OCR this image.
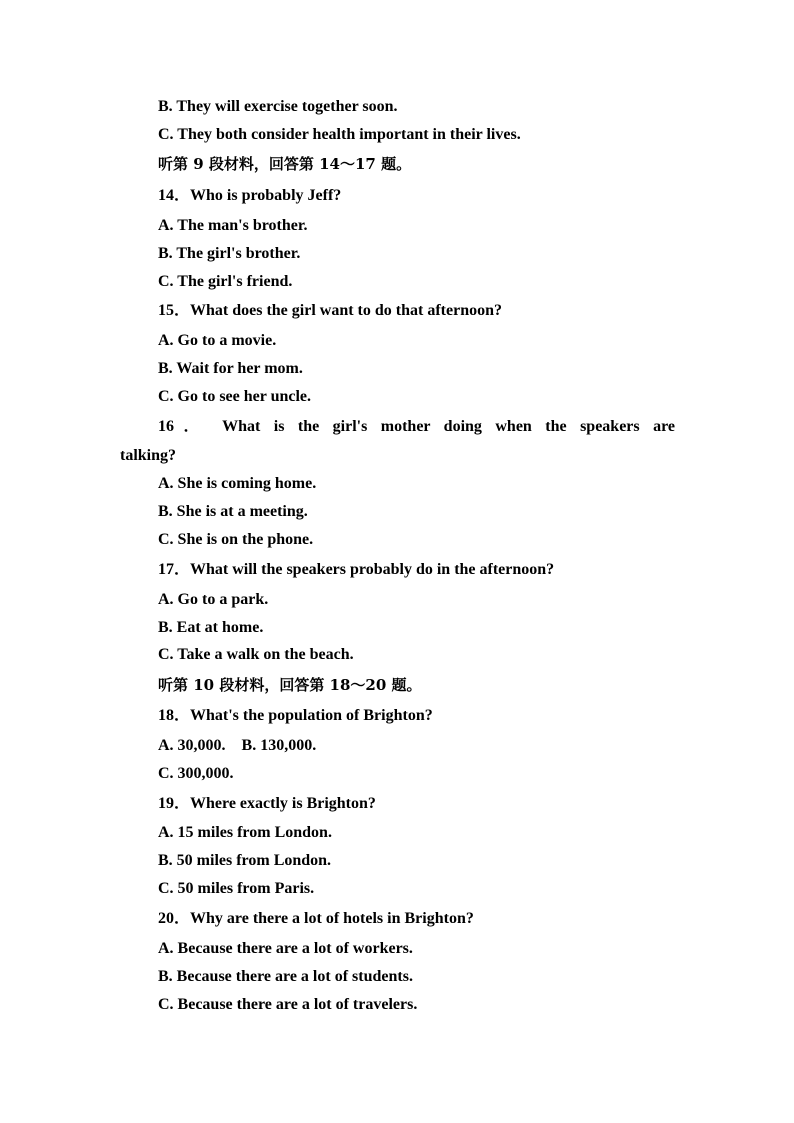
B. They will exercise together soon.
C. They both consider health important in their lives.
听第 9 段材料，回答第 14～17 题。
14．Who is probably Jeff?
A. The man's brother.
B. The girl's brother.
C. The girl's friend.
15．What does the girl want to do that afternoon?
A. Go to a movie.
B. Wait for her mom.
C. Go to see her uncle.
16． What is the girl's mother doing when the speakers are
talking?
A. She is coming home.
B. She is at a meeting.
C. She is on the phone.
17．What will the speakers probably do in the afternoon?
A. Go to a park.
B. Eat at home.
C. Take a walk on the beach.
听第 10 段材料，回答第 18～20 题。
18．What's the population of Brighton?
A. 30,000.　B. 130,000.
C. 300,000.
19．Where exactly is Brighton?
A. 15 miles from London.
B. 50 miles from London.
C. 50 miles from Paris.
20．Why are there a lot of hotels in Brighton?
A. Because there are a lot of workers.
B. Because there are a lot of students.
C. Because there are a lot of travelers.
